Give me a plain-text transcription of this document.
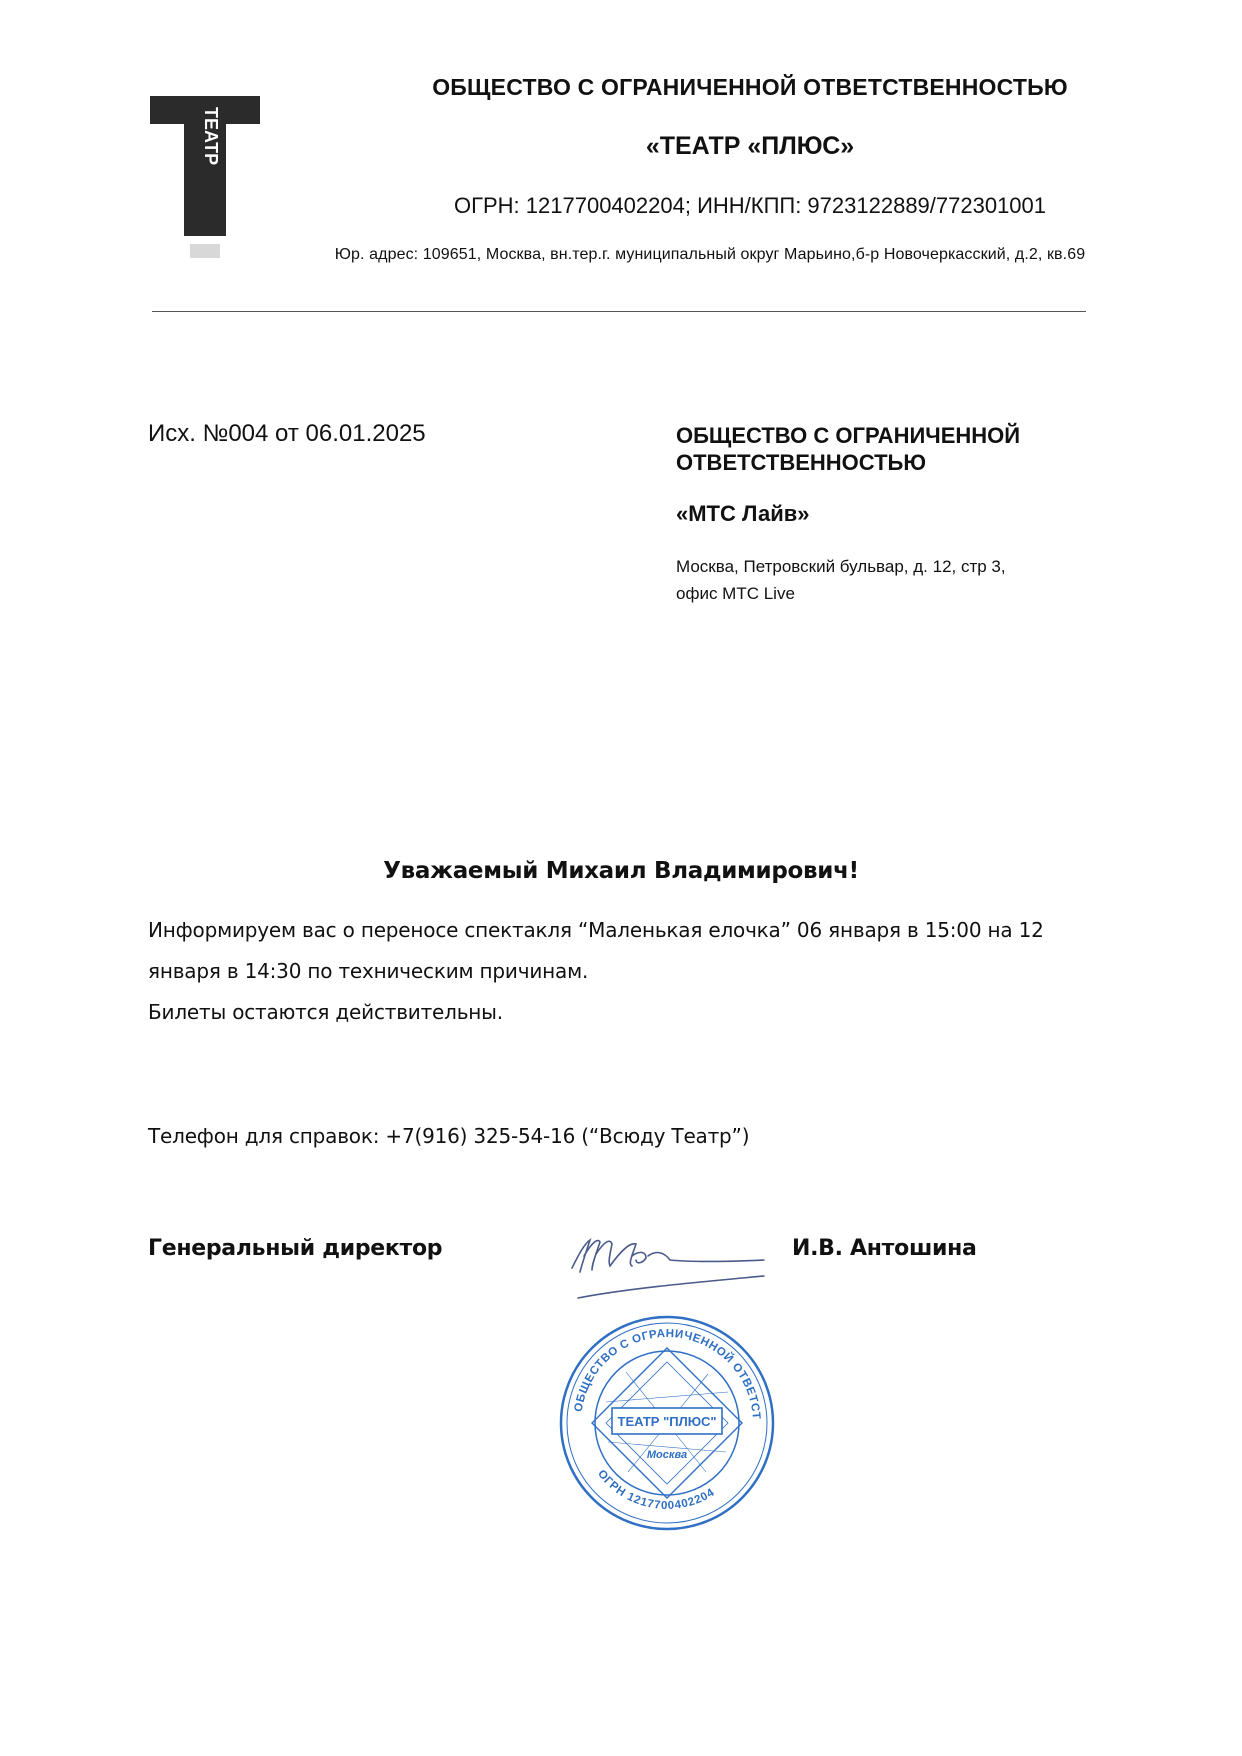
ТЕАТР
ОБЩЕСТВО С ОГРАНИЧЕННОЙ ОТВЕТСТВЕННОСТЬЮ
«ТЕАТР «ПЛЮС»
ОГРН: 1217700402204; ИНН/КПП: 9723122889/772301001
Юр. адрес: 109651, Москва, вн.тер.г. муниципальный округ Марьино,б-р Новочеркасский, д.2, кв.69
Исх. №004 от 06.01.2025	ОБЩЕСТВО С ОГРАНИЧЕННОЙ
ОТВЕТСТВЕННОСТЬЮ
«МТС Лайв»
Москва, Петровский бульвар, д. 12, стр 3,
офис МТС Live
Уважаемый Михаил Владимирович!
Информируем вас о переносе спектакля “Маленькая елочка” 06 января в 15:00 на 12
января в 14:30 по техническим причинам.
Билеты остаются действительны.
Телефон для справок: +7(916) 325-54-16 (“Всюду Театр”)
Генеральный директор	И.В. Антошина
ОБЩЕСТВО С ОГРАНИЧЕННОЙ ОТВЕТСТ
ОГРН 1217700402204
ТЕАТР "ПЛЮС"
Москва
